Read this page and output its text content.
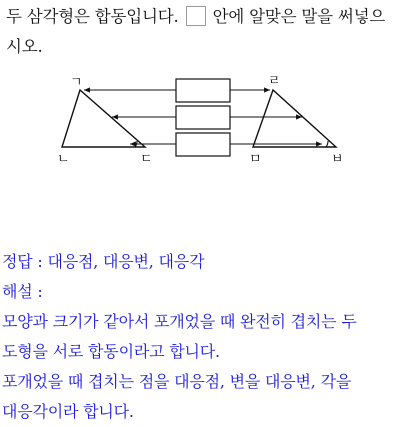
두 삼각형은 합동입니다. 안에 알맞은 말을 써넣으시오.

ㄱ
ㄴ	ㄷ
ㄹ
ㅁ	ㅂ

정답 : 대응점, 대응변, 대응각

해설 :

모양과 크기가 같아서 포개었을 때 완전히 겹치는 두

도형을 서로 합동이라고 합니다.

포개었을 때 겹치는 점을 대응점, 변을 대응변, 각을

대응각이라 합니다.
